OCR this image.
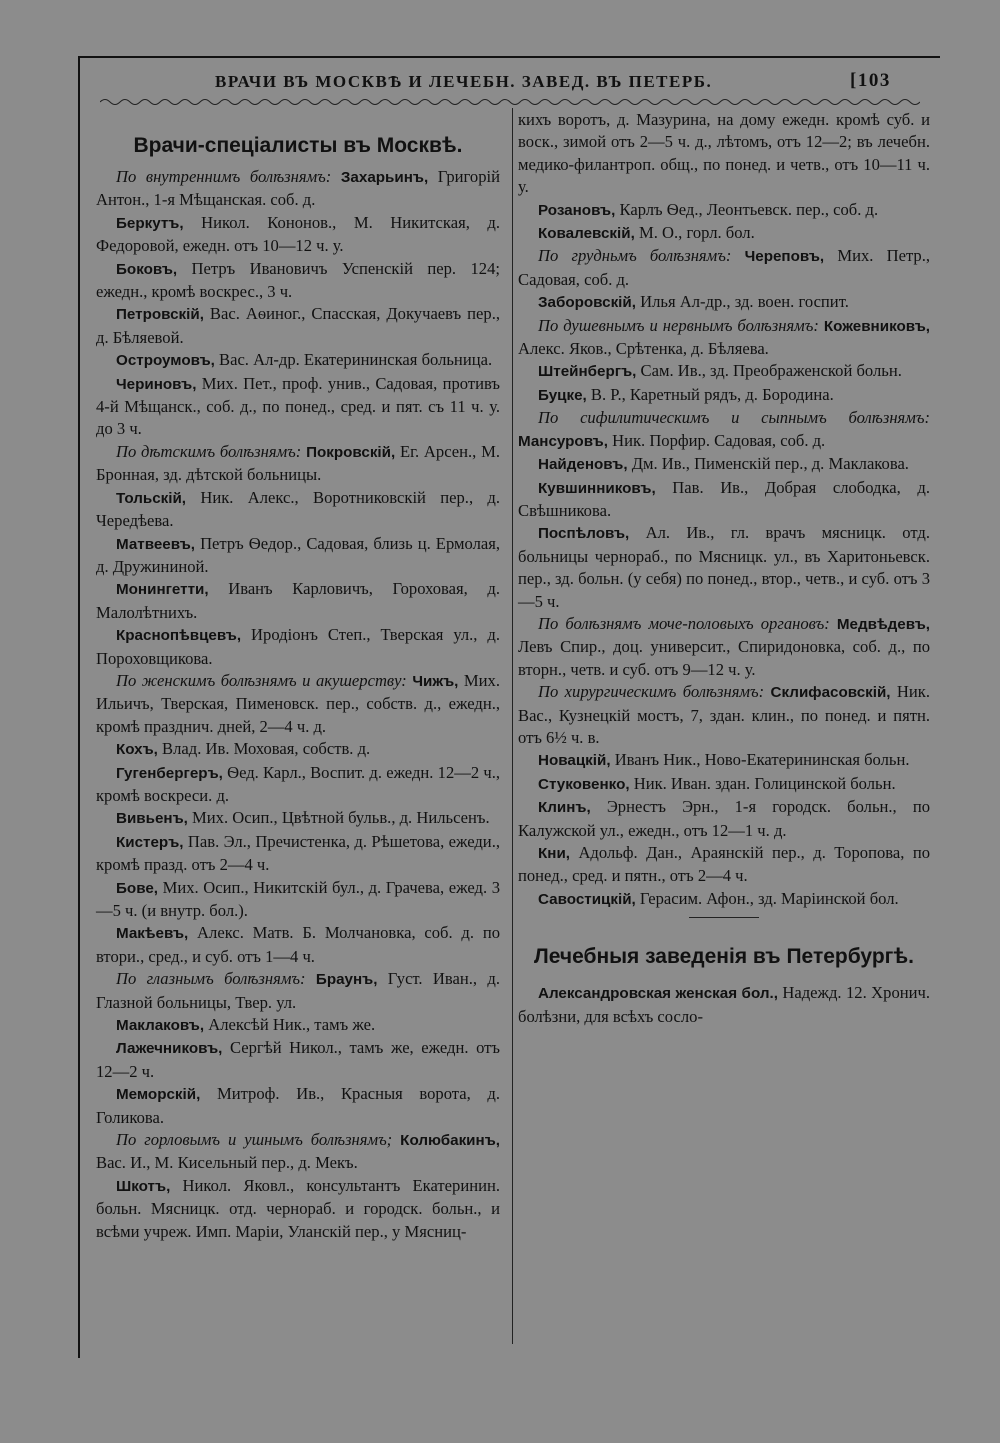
ВРАЧИ ВЪ МОСКВѢ И ЛЕЧЕБН. ЗАВЕД. ВЪ ПЕТЕРБ.	[103
Врачи-спеціалисты въ Москвѣ.

По внутреннимъ болѣзнямъ: Захарьинъ, Григорій Антон., 1-я Мѣщанская. соб. д.

Беркутъ, Никол. Кононов., М. Никитская, д. Федоровой, ежедн. отъ 10—12 ч. у.

Боковъ, Петръ Ивановичъ Успенскій пер. 124; ежедн., кромѣ воскрес., 3 ч.

Петровскій, Вас. Аѳиног., Спасская, Докучаевъ пер., д. Бѣляевой.

Остроумовъ, Вас. Ал-др. Екатерининская больница.

Чериновъ, Мих. Пет., проф. унив., Садовая, противъ 4-й Мѣщанск., соб. д., по понед., сред. и пят. съ 11 ч. у. до 3 ч.

По дѣтскимъ болѣзнямъ: Покровскій, Ег. Арсен., М. Бронная, зд. дѣтской больницы.

Тольскій, Ник. Алекс., Воротниковскій пер., д. Чередѣева.

Матвеевъ, Петръ Ѳедор., Садовая, близь ц. Ермолая, д. Дружининой.

Монингетти, Иванъ Карловичъ, Гороховая, д. Малолѣтнихъ.

Краснопѣвцевъ, Иродіонъ Степ., Тверская ул., д. Пороховщикова.

По женскимъ болѣзнямъ и акушерству: Чижъ, Мих. Ильичъ, Тверская, Пименовск. пер., собств. д., ежедн., кромѣ празднич. дней, 2—4 ч. д.

Кохъ, Влад. Ив. Моховая, собств. д.

Гугенбергеръ, Ѳед. Карл., Воспит. д. ежедн. 12—2 ч., кромѣ воскреси. д.

Вивьенъ, Мих. Осип., Цвѣтной бульв., д. Нильсенъ.

Кистеръ, Пав. Эл., Пречистенка, д. Рѣшетова, ежеди., кромѣ празд. отъ 2—4 ч.

Бове, Мих. Осип., Никитскій бул., д. Грачева, ежед. 3—5 ч. (и внутр. бол.).

Макѣевъ, Алекс. Матв. Б. Молчановка, соб. д. по втори., сред., и суб. отъ 1—4 ч.

По глазнымъ болѣзнямъ: Браунъ, Густ. Иван., д. Глазной больницы, Твер. ул.

Маклаковъ, Алексѣй Ник., тамъ же.

Лажечниковъ, Сергѣй Никол., тамъ же, ежедн. отъ 12—2 ч.

Меморскій, Митроф. Ив., Красныя ворота, д. Голикова.

По горловымъ и ушнымъ болѣзнямъ; Колюбакинъ, Вас. И., М. Кисельный пер., д. Мекъ.

Шкотъ, Никол. Яковл., консультантъ Екатеринин. больн. Мясницк. отд. чернораб. и городск. больн., и всѣми учреж. Имп. Маріи, Уланскій пер., у Мясниц-

кихъ воротъ, д. Мазурина, на дому ежедн. кромѣ суб. и воск., зимой отъ 2—5 ч. д., лѣтомъ, отъ 12—2; въ лечебн. медико-филантроп. общ., по понед. и четв., отъ 10—11 ч. у.

Розановъ, Карлъ Ѳед., Леонтьевск. пер., соб. д.

Ковалевскій, М. О., горл. бол.

По грудньмъ болѣзнямъ: Череповъ, Мих. Петр., Садовая, соб. д.

Заборовскій, Илья Ал-др., зд. воен. госпит.

По душевнымъ и нервнымъ болѣзнямъ: Кожевниковъ, Алекс. Яков., Срѣтенка, д. Бѣляева.

Штейнбергъ, Сам. Ив., зд. Преображенской больн.

Буцке, В. Р., Каретный рядъ, д. Бородина.

По сифилитическимъ и сыпнымъ болѣзнямъ: Мансуровъ, Ник. Порфир. Садовая, соб. д.

Найденовъ, Дм. Ив., Пименскій пер., д. Маклакова.

Кувшинниковъ, Пав. Ив., Добрая слободка, д. Свѣшникова.

Поспѣловъ, Ал. Ив., гл. врачъ мясницк. отд. больницы чернораб., по Мясницк. ул., въ Харитоньевск. пер., зд. больн. (у себя) по понед., втор., четв., и суб. отъ 3—5 ч.

По болѣзнямъ моче-половыхъ органовъ: Медвѣдевъ, Левъ Спир., доц. университ., Спиридоновка, соб. д., по вторн., четв. и суб. отъ 9—12 ч. у.

По хирургическимъ болѣзнямъ: Склифасовскій, Ник. Вас., Кузнецкій мостъ, 7, здан. клин., по понед. и пятн. отъ 6½ ч. в.

Новацкій, Иванъ Ник., Ново-Екатерининская больн.

Стуковенко, Ник. Иван. здан. Голицинской больн.

Клинъ, Эрнестъ Эрн., 1-я городск. больн., по Калужской ул., ежедн., отъ 12—1 ч. д.

Кни, Адольф. Дан., Араянскій пер., д. Торопова, по понед., сред. и пятн., отъ 2—4 ч.

Савостицкій, Герасим. Афон., зд. Маріинской бол.

Лечебныя заведенія въ Петербургѣ.

Александровская женская бол., Надежд. 12. Хронич. болѣзни, для всѣхъ сосло-
